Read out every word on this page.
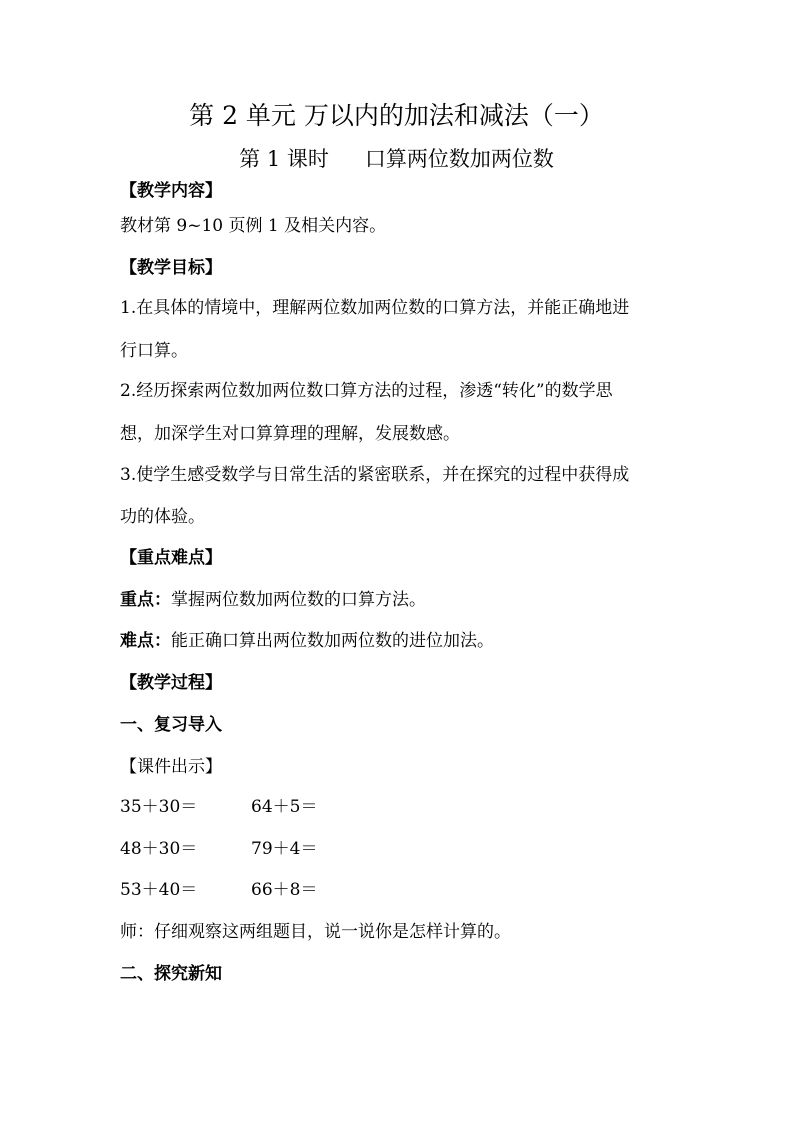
第 2 单元 万以内的加法和减法（一）
第 1 课时 口算两位数加两位数
【教学内容】
教材第 9~10 页例 1 及相关内容。
【教学目标】
1.在具体的情境中，理解两位数加两位数的口算方法，并能正确地进
行口算。
2.经历探索两位数加两位数口算方法的过程，渗透“转化”的数学思
想，加深学生对口算算理的理解，发展数感。
3.使学生感受数学与日常生活的紧密联系，并在探究的过程中获得成
功的体验。
【重点难点】
重点：掌握两位数加两位数的口算方法。
难点：能正确口算出两位数加两位数的进位加法。
【教学过程】
一、复习导入
【课件出示】
35＋30＝	64＋5＝
48＋30＝	79＋4＝
53＋40＝	66＋8＝
师：仔细观察这两组题目，说一说你是怎样计算的。
二、探究新知
